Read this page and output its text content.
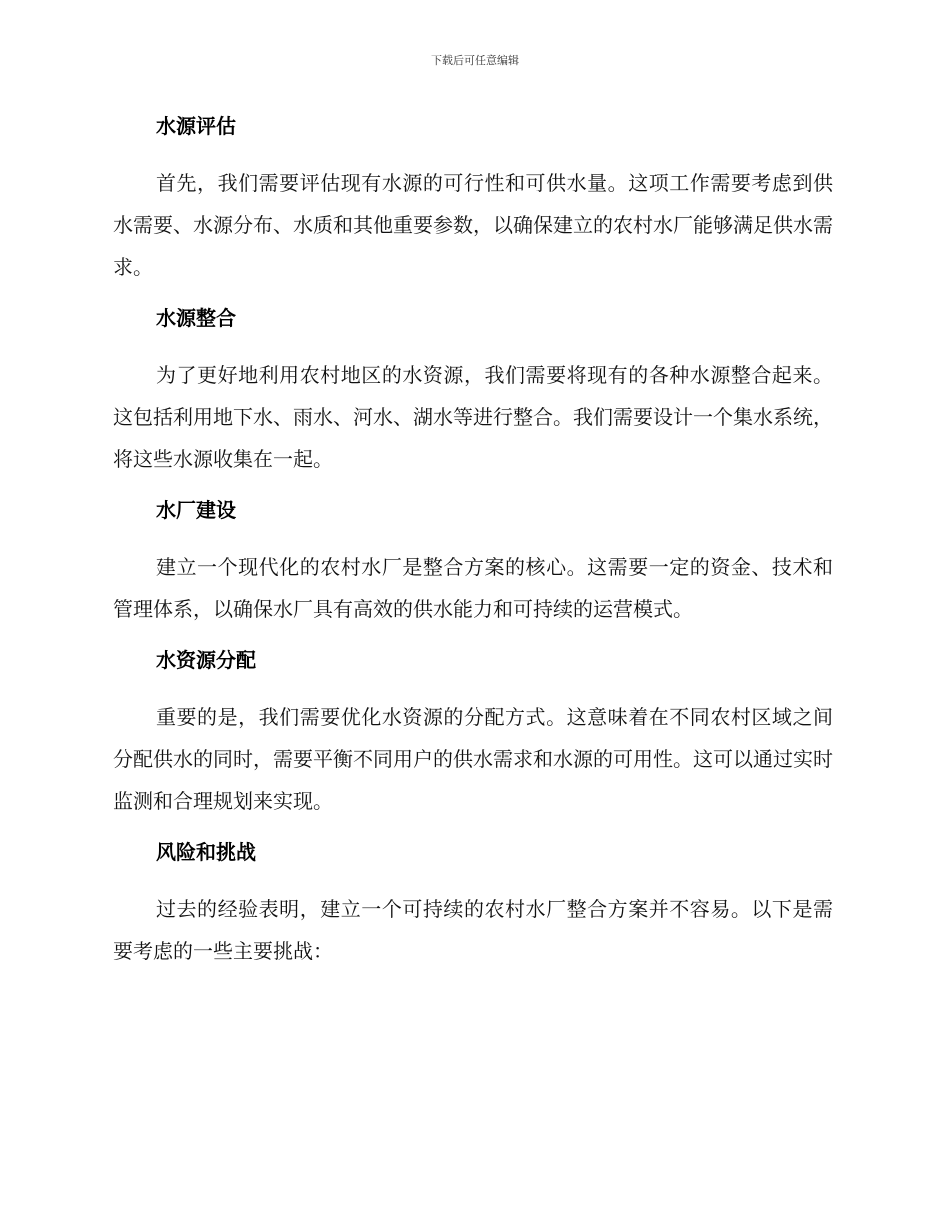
下载后可任意编辑
水源评估

首先，我们需要评估现有水源的可行性和可供水量。这项工作需要考虑到供水需要、水源分布、水质和其他重要参数，以确保建立的农村水厂能够满足供水需求。

水源整合

为了更好地利用农村地区的水资源，我们需要将现有的各种水源整合起来。这包括利用地下水、雨水、河水、湖水等进行整合。我们需要设计一个集水系统，将这些水源收集在一起。

水厂建设

建立一个现代化的农村水厂是整合方案的核心。这需要一定的资金、技术和管理体系，以确保水厂具有高效的供水能力和可持续的运营模式。

水资源分配

重要的是，我们需要优化水资源的分配方式。这意味着在不同农村区域之间分配供水的同时，需要平衡不同用户的供水需求和水源的可用性。这可以通过实时监测和合理规划来实现。

风险和挑战

过去的经验表明，建立一个可持续的农村水厂整合方案并不容易。以下是需要考虑的一些主要挑战：
